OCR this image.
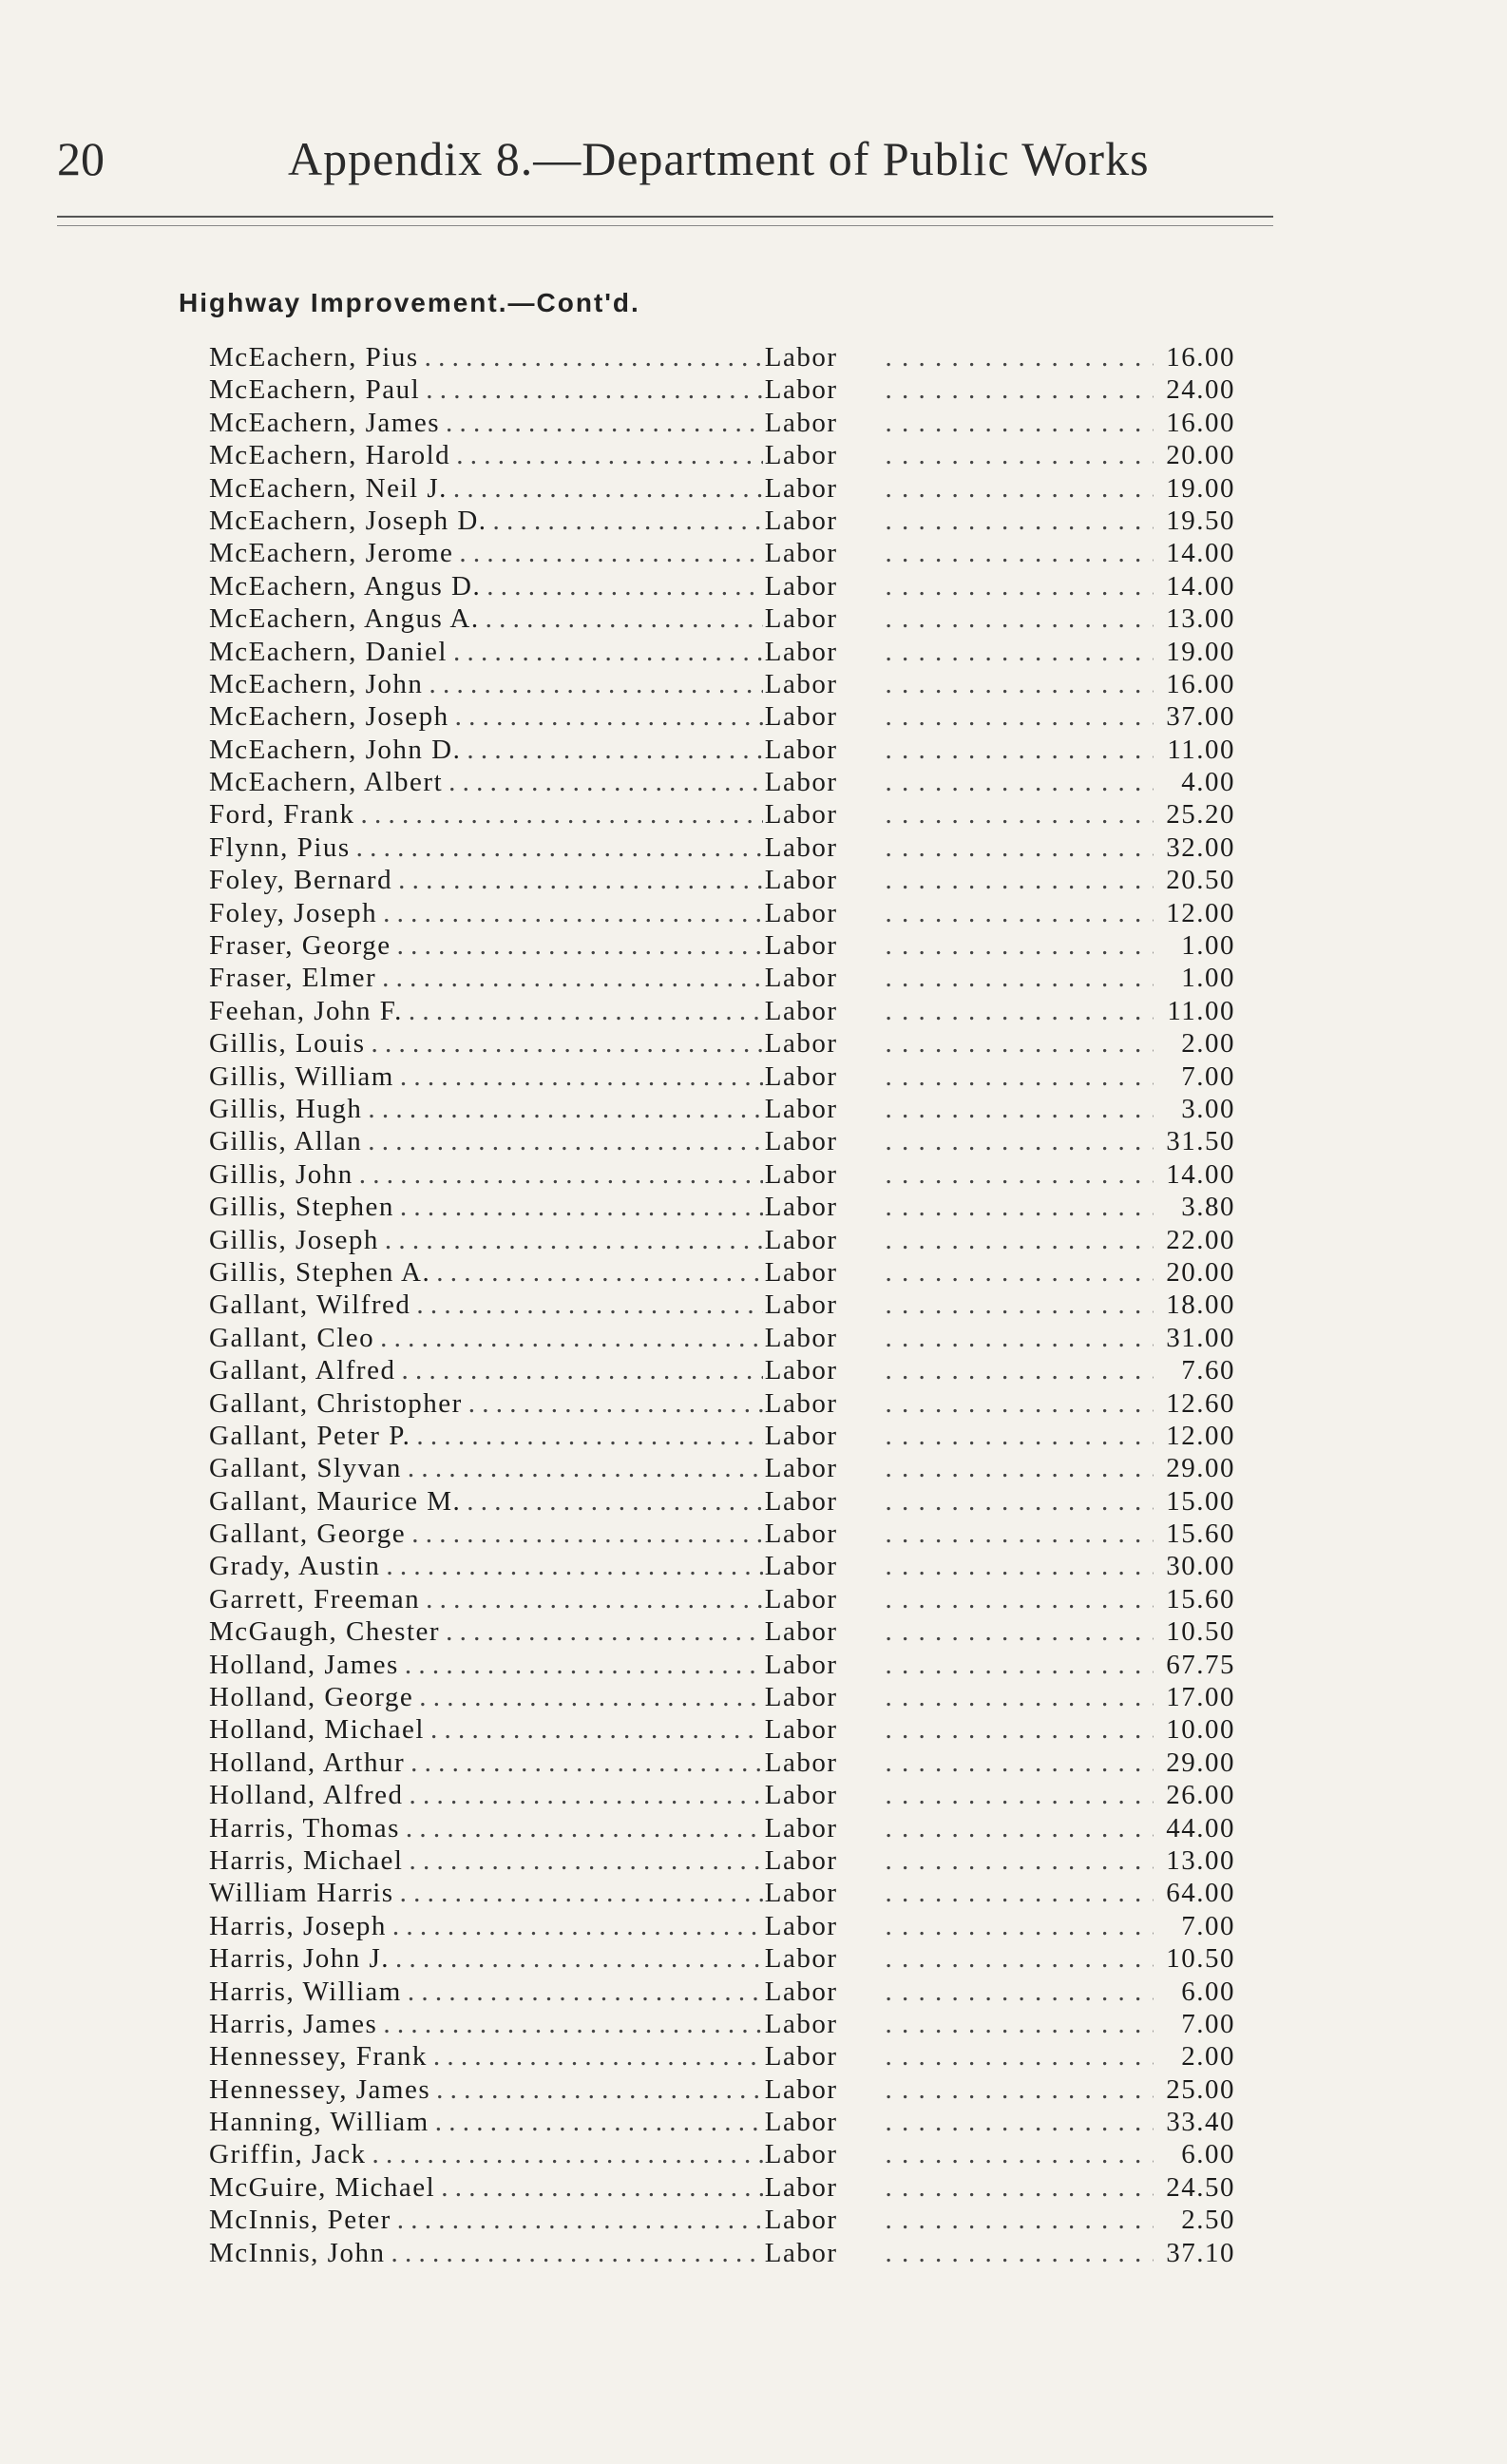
20	Appendix 8.—Department of Public Works
Highway Improvement.—Cont'd.
McEachern, Pius . . .	Labor . . .	16.00
McEachern, Paul . . .	Labor . . .	24.00
McEachern, James . . .	Labor . . .	16.00
McEachern, Harold . . .	Labor . . .	20.00
McEachern, Neil J. . . .	Labor . . .	19.00
McEachern, Joseph D. . . .	Labor . . .	19.50
McEachern, Jerome . . .	Labor . . .	14.00
McEachern, Angus D. . . .	Labor . . .	14.00
McEachern, Angus A. . . .	Labor . . .	13.00
McEachern, Daniel . . .	Labor . . .	19.00
McEachern, John . . .	Labor . . .	16.00
McEachern, Joseph . . .	Labor . . .	37.00
McEachern, John D. . . .	Labor . . .	11.00
McEachern, Albert . . .	Labor . . .	4.00
Ford, Frank . . .	Labor . . .	25.20
Flynn, Pius . . .	Labor . . .	32.00
Foley, Bernard . . .	Labor . . .	20.50
Foley, Joseph . . .	Labor . . .	12.00
Fraser, George . . .	Labor . . .	1.00
Fraser, Elmer . . .	Labor . . .	1.00
Feehan, John F. . . .	Labor . . .	11.00
Gillis, Louis . . .	Labor . . .	2.00
Gillis, William . . .	Labor . . .	7.00
Gillis, Hugh . . .	Labor . . .	3.00
Gillis, Allan . . .	Labor . . .	31.50
Gillis, John . . .	Labor . . .	14.00
Gillis, Stephen . . .	Labor . . .	3.80
Gillis, Joseph . . .	Labor . . .	22.00
Gillis, Stephen A. . . .	Labor . . .	20.00
Gallant, Wilfred . . .	Labor . . .	18.00
Gallant, Cleo . . .	Labor . . .	31.00
Gallant, Alfred . . .	Labor . . .	7.60
Gallant, Christopher . . .	Labor . . .	12.60
Gallant, Peter P. . . .	Labor . . .	12.00
Gallant, Slyvan . . .	Labor . . .	29.00
Gallant, Maurice M. . . .	Labor . . .	15.00
Gallant, George . . .	Labor . . .	15.60
Grady, Austin . . .	Labor . . .	30.00
Garrett, Freeman . . .	Labor . . .	15.60
McGaugh, Chester . . .	Labor . . .	10.50
Holland, James . . .	Labor . . .	67.75
Holland, George . . .	Labor . . .	17.00
Holland, Michael . . .	Labor . . .	10.00
Holland, Arthur . . .	Labor . . .	29.00
Holland, Alfred . . .	Labor . . .	26.00
Harris, Thomas . . .	Labor . . .	44.00
Harris, Michael . . .	Labor . . .	13.00
William Harris . . .	Labor . . .	64.00
Harris, Joseph . . .	Labor . . .	7.00
Harris, John J. . . .	Labor . . .	10.50
Harris, William . . .	Labor . . .	6.00
Harris, James . . .	Labor . . .	7.00
Hennessey, Frank . . .	Labor . . .	2.00
Hennessey, James . . .	Labor . . .	25.00
Hanning, William . . .	Labor . . .	33.40
Griffin, Jack . . .	Labor . . .	6.00
McGuire, Michael . . .	Labor . . .	24.50
McInnis, Peter . . .	Labor . . .	2.50
McInnis, John . . .	Labor . . .	37.10
